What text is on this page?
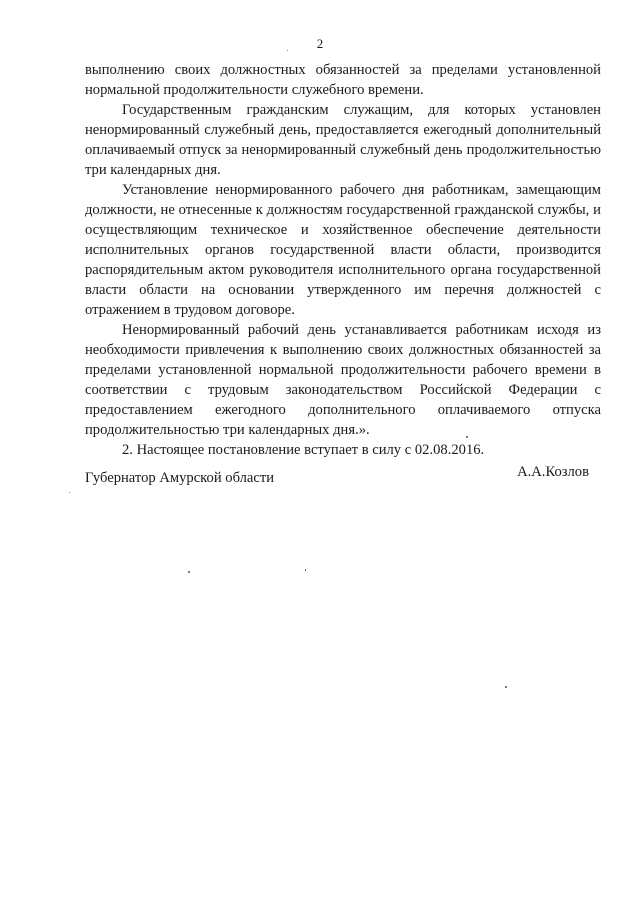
2

выполнению своих должностных обязанностей за пределами установленной нормальной продолжительности служебного времени.

Государственным гражданским служащим, для которых установлен ненормированный служебный день, предоставляется ежегодный дополнительный оплачиваемый отпуск за ненормированный служебный день продолжительностью три календарных дня.

Установление ненормированного рабочего дня работникам, замещающим должности, не отнесенные к должностям государственной гражданской службы, и осуществляющим техническое и хозяйственное обеспечение деятельности исполнительных органов государственной власти области, производится распорядительным актом руководителя исполнительного органа государственной власти области на основании утвержденного им перечня должностей с отражением в трудовом договоре.

Ненормированный рабочий день устанавливается работникам исходя из необходимости привлечения к выполнению своих должностных обязанностей за пределами установленной нормальной продолжительности рабочего времени в соответствии с трудовым законодательством Российской Федерации с предоставлением ежегодного дополнительного оплачиваемого отпуска продолжительностью три календарных дня.».

2. Настоящее постановление вступает в силу с 02.08.2016.

Губернатор Амурской области	А.А.Козлов
